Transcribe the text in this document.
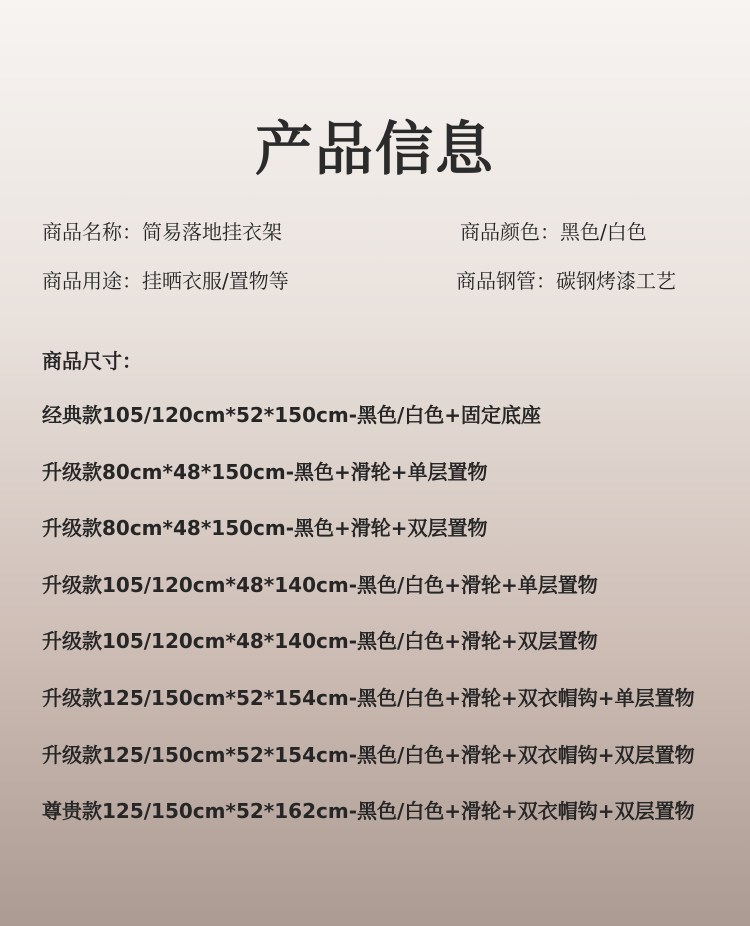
产品信息
商品名称：简易落地挂衣架	商品颜色：黑色/白色
商品用途：挂晒衣服/置物等	商品钢管：碳钢烤漆工艺
商品尺寸：
经典款105/120cm*52*150cm-黑色/白色+固定底座
升级款80cm*48*150cm-黑色+滑轮+单层置物
升级款80cm*48*150cm-黑色+滑轮+双层置物
升级款105/120cm*48*140cm-黑色/白色+滑轮+单层置物
升级款105/120cm*48*140cm-黑色/白色+滑轮+双层置物
升级款125/150cm*52*154cm-黑色/白色+滑轮+双衣帽钩+单层置物
升级款125/150cm*52*154cm-黑色/白色+滑轮+双衣帽钩+双层置物
尊贵款125/150cm*52*162cm-黑色/白色+滑轮+双衣帽钩+双层置物
